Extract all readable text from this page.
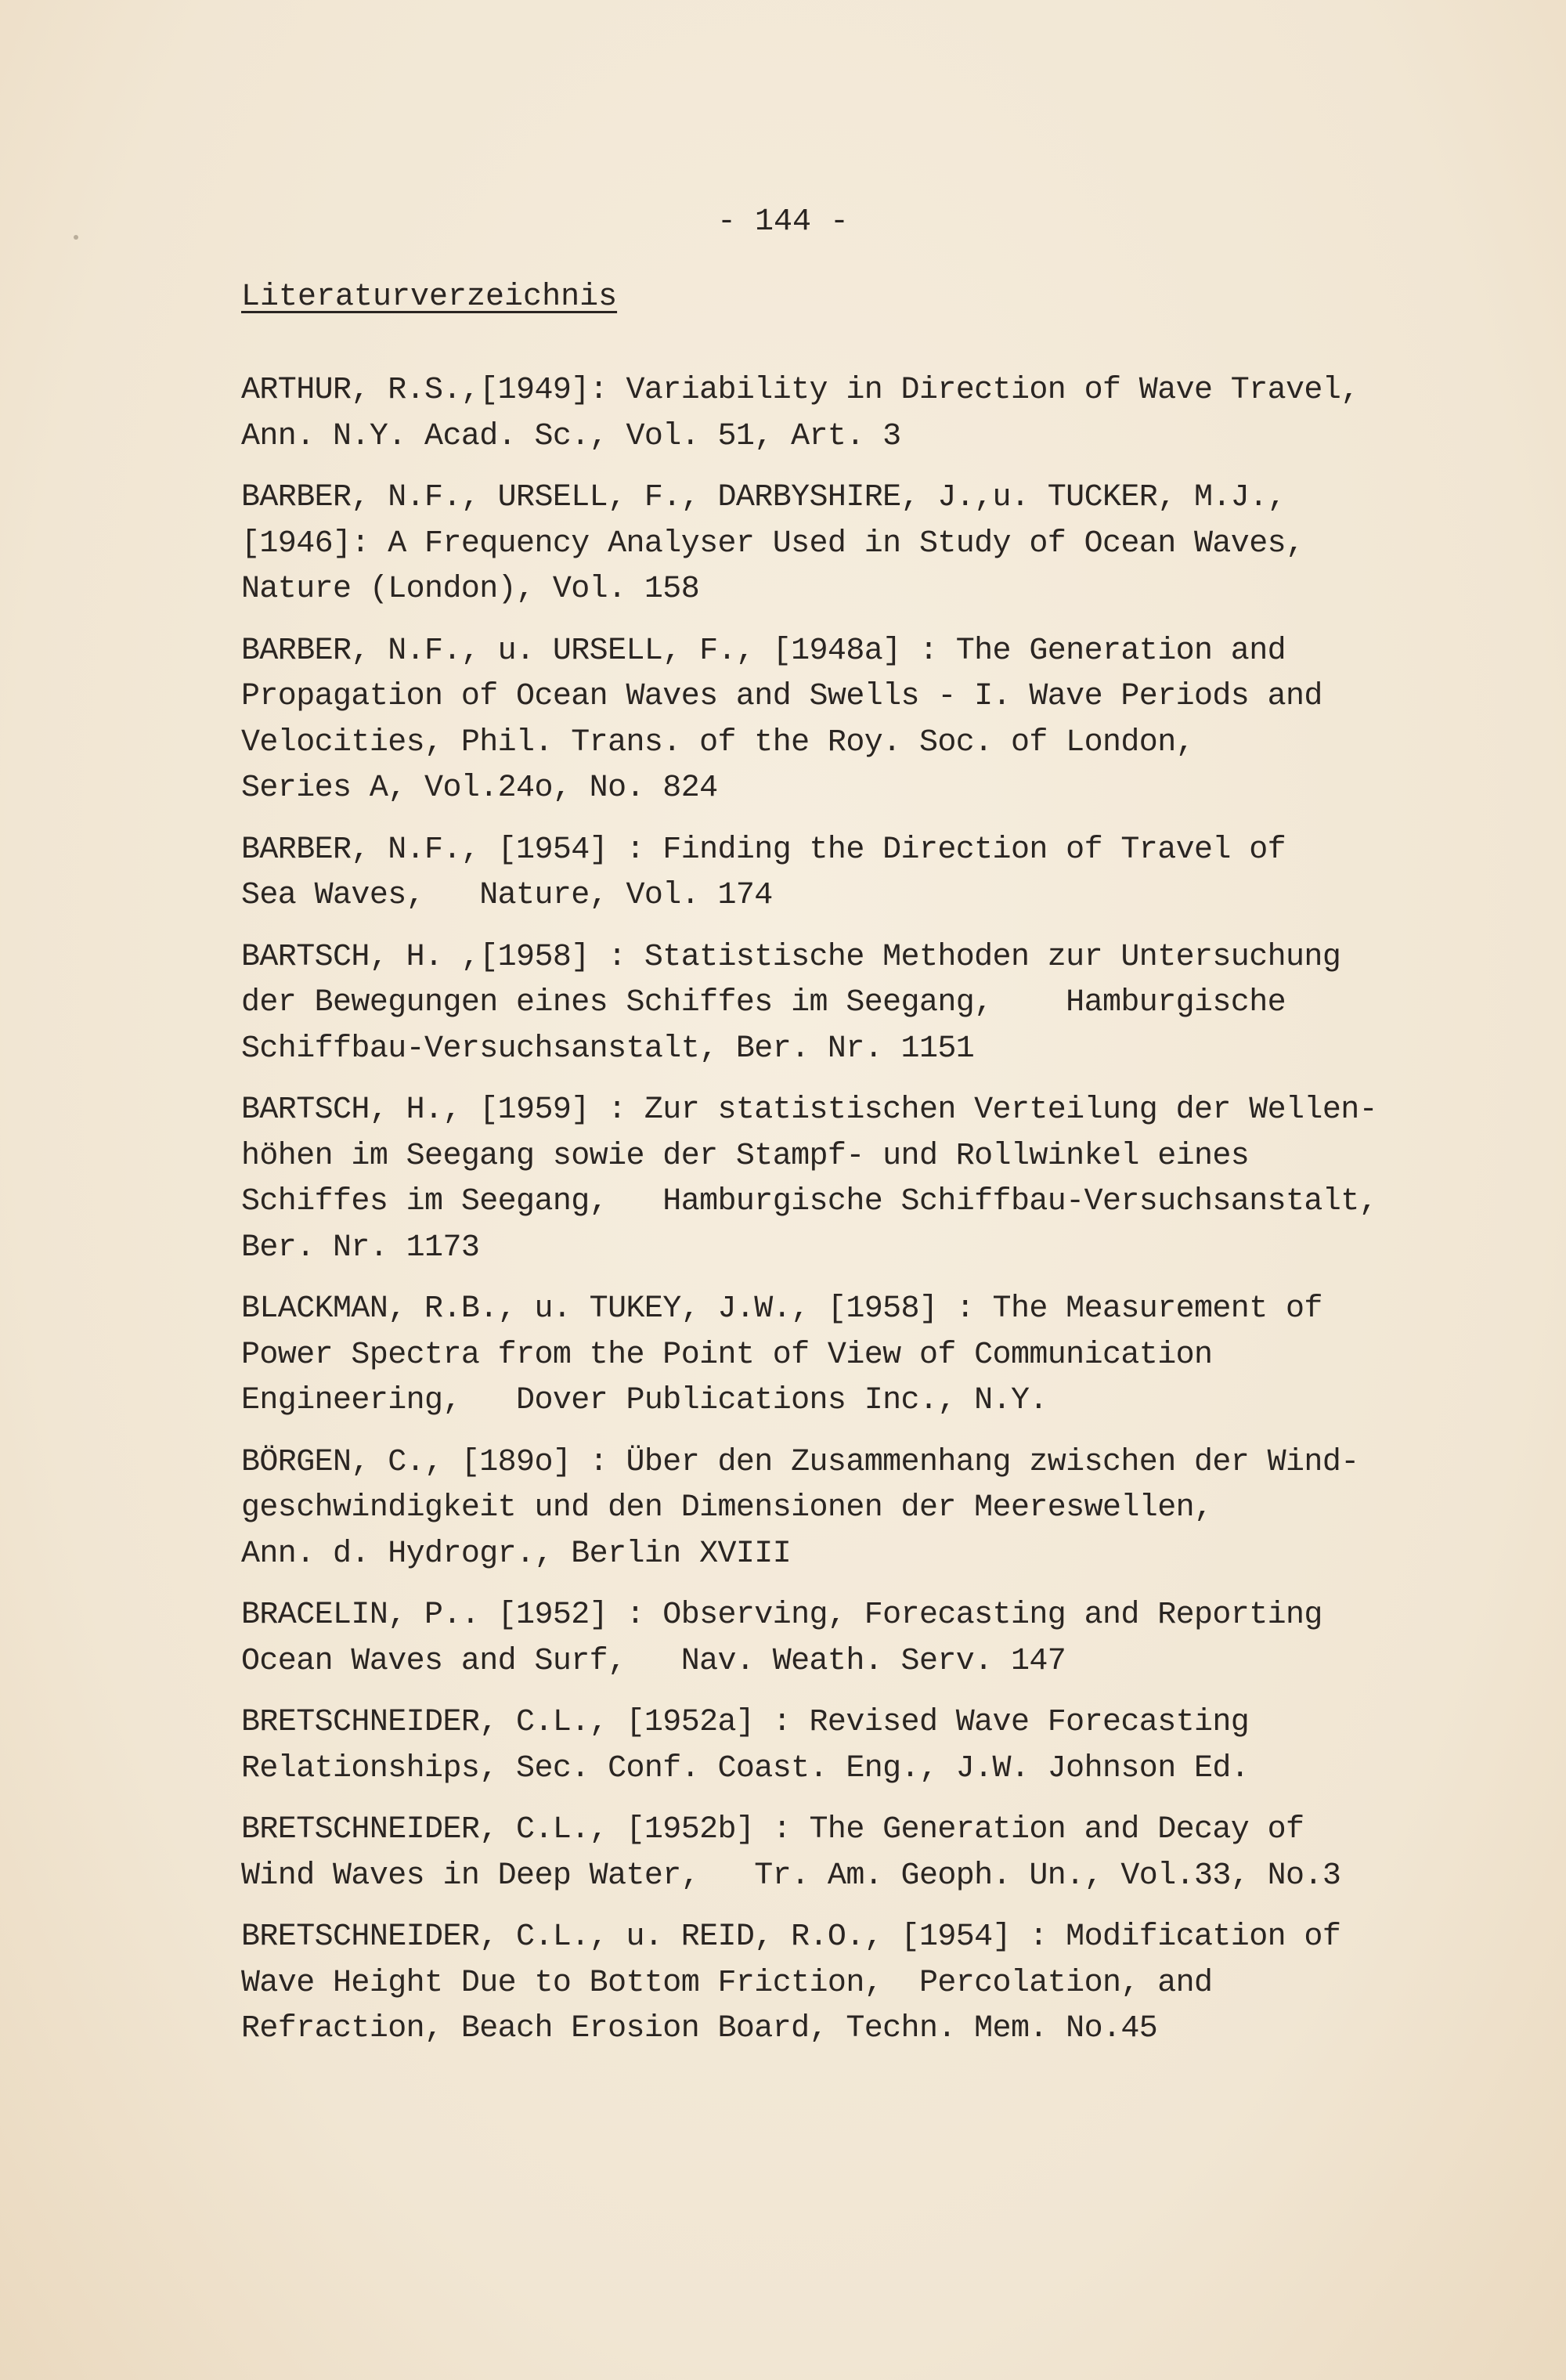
- 144 -
Literaturverzeichnis
ARTHUR, R.S.,[1949]: Variability in Direction of Wave Travel,
Ann. N.Y. Acad. Sc., Vol. 51, Art. 3
BARBER, N.F., URSELL, F., DARBYSHIRE, J.,u. TUCKER, M.J.,
[1946]: A Frequency Analyser Used in Study of Ocean Waves,
Nature (London), Vol. 158
BARBER, N.F., u. URSELL, F., [1948a] : The Generation and
Propagation of Ocean Waves and Swells - I. Wave Periods and
Velocities, Phil. Trans. of the Roy. Soc. of London,
Series A, Vol.24o, No. 824
BARBER, N.F., [1954] : Finding the Direction of Travel of
Sea Waves,   Nature, Vol. 174
BARTSCH, H. ,[1958] : Statistische Methoden zur Untersuchung
der Bewegungen eines Schiffes im Seegang,    Hamburgische
Schiffbau-Versuchsanstalt, Ber. Nr. 1151
BARTSCH, H., [1959] : Zur statistischen Verteilung der Wellen-
höhen im Seegang sowie der Stampf- und Rollwinkel eines
Schiffes im Seegang,   Hamburgische Schiffbau-Versuchsanstalt,
Ber. Nr. 1173
BLACKMAN, R.B., u. TUKEY, J.W., [1958] : The Measurement of
Power Spectra from the Point of View of Communication
Engineering,   Dover Publications Inc., N.Y.
BÖRGEN, C., [189o] : Über den Zusammenhang zwischen der Wind-
geschwindigkeit und den Dimensionen der Meereswellen,
Ann. d. Hydrogr., Berlin XVIII
BRACELIN, P.. [1952] : Observing, Forecasting and Reporting
Ocean Waves and Surf,   Nav. Weath. Serv. 147
BRETSCHNEIDER, C.L., [1952a] : Revised Wave Forecasting
Relationships, Sec. Conf. Coast. Eng., J.W. Johnson Ed.
BRETSCHNEIDER, C.L., [1952b] : The Generation and Decay of
Wind Waves in Deep Water,   Tr. Am. Geoph. Un., Vol.33, No.3
BRETSCHNEIDER, C.L., u. REID, R.O., [1954] : Modification of
Wave Height Due to Bottom Friction,  Percolation, and
Refraction, Beach Erosion Board, Techn. Mem. No.45
